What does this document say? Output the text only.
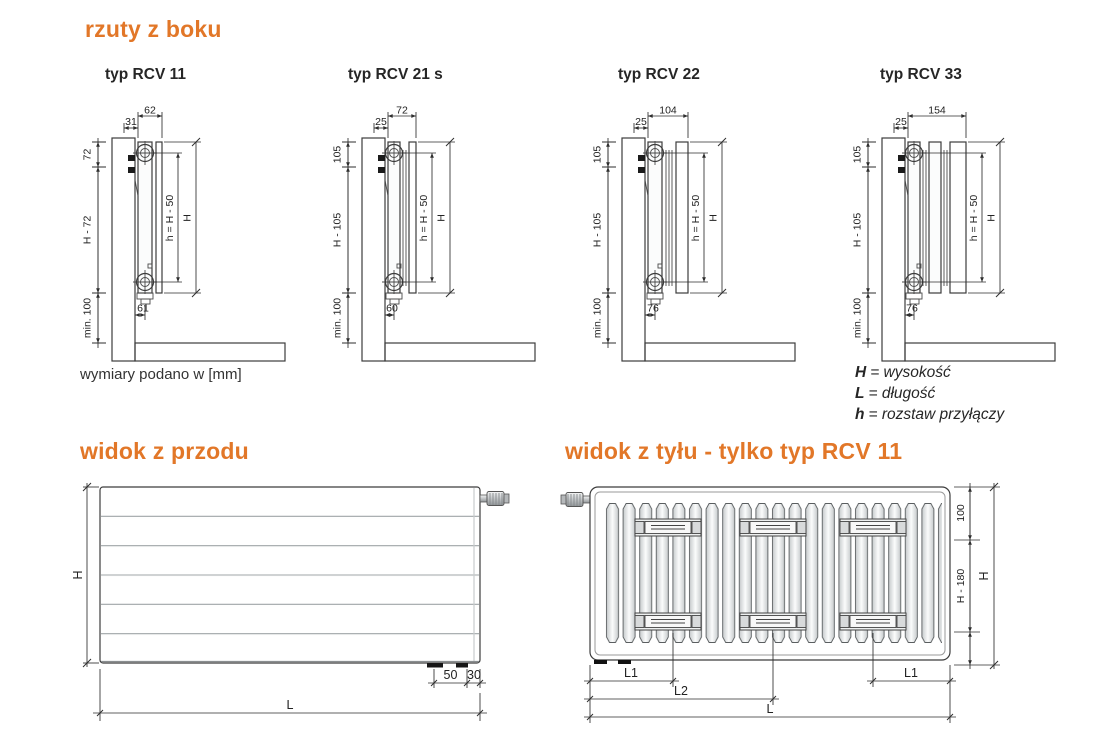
rzuty z boku
typ RCV 11	typ RCV 21 s	typ RCV 22	typ RCV 33
62
31
72
H - 72
min. 100
h = H - 50 H
61
72
25
105
H - 105
min. 100
h = H - 50 H
60
104
25
105
H - 105
min. 100
h = H - 50 H
76
154
25
105
H - 105
min. 100
h = H - 50 H
76
wymiary podano w [mm]	H = wysokość
L = długość
h = rozstaw przyłączy
widok z przodu	widok z tyłu - tylko typ RCV 11
H
50 30
L
100
H - 180 H
L1	L1
L2
L
